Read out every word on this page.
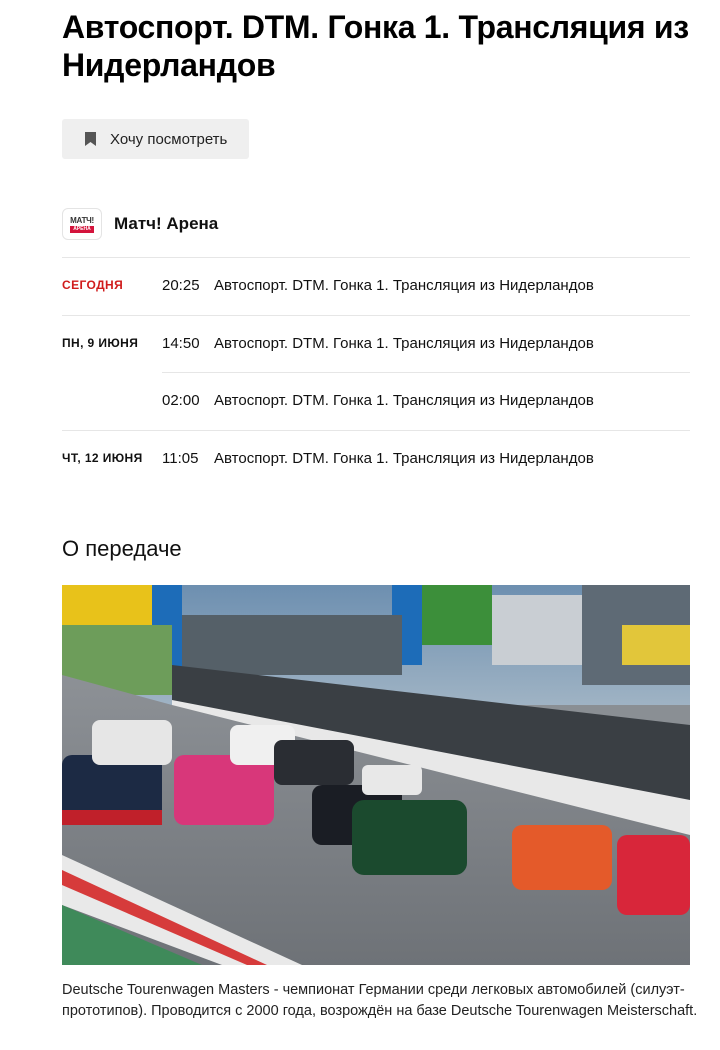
Автоспорт. DTM. Гонка 1. Трансляция из Нидерландов
Хочу посмотреть
МАТЧ!
АРЕНА Матч! Арена
СЕГОДНЯ	20:25 Автоспорт. DTM. Гонка 1. Трансляция из Нидерландов
ПН, 9 ИЮНЯ 14:50 Автоспорт. DTM. Гонка 1. Трансляция из Нидерландов
02:00 Автоспорт. DTM. Гонка 1. Трансляция из Нидерландов
ЧТ, 12 ИЮНЯ 11:05 Автоспорт. DTM. Гонка 1. Трансляция из Нидерландов
О передаче

Deutsche Tourenwagen Masters - чемпионат Германии среди легковых автомобилей (силуэт-прототипов). Проводится с 2000 года, возрождён на базе Deutsche Tourenwagen Meisterschaft.
